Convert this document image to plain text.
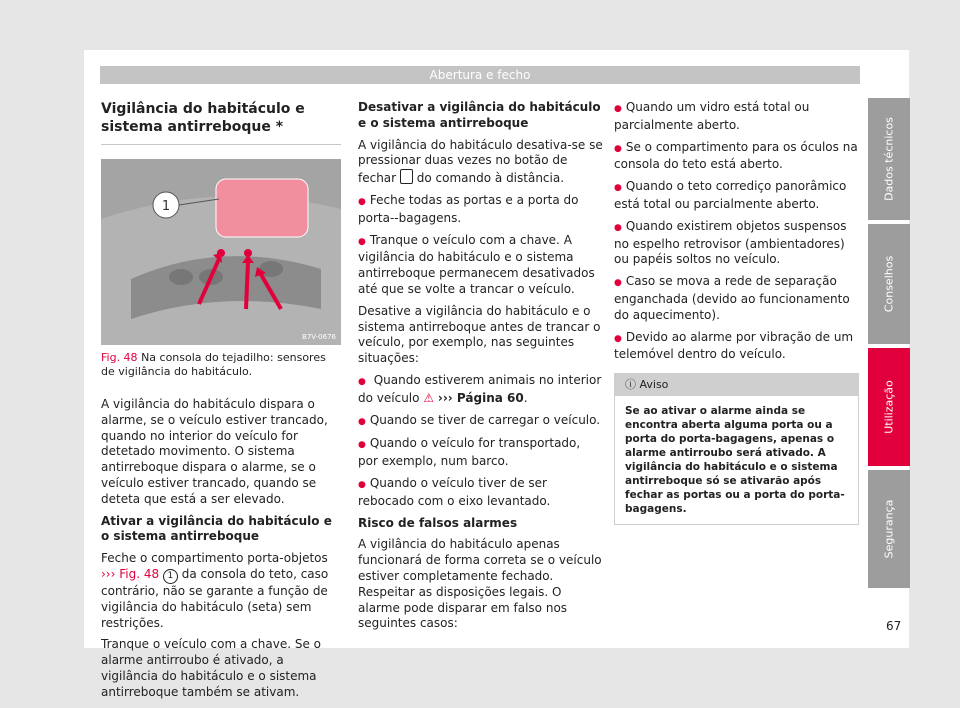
Abertura e fecho
Vigilância do habitáculo e sistema antirreboque *
1
B7V-0676
Fig. 48 Na consola do tejadilho: sensores de vigilância do habitáculo.

A vigilância do habitáculo dispara o alarme, se o veículo estiver trancado, quando no interior do veículo for detetado movimento. O sistema antirreboque dispara o alarme, se o veículo estiver trancado, quando se deteta que está a ser elevado.

Ativar a vigilância do habitáculo e o sistema antirreboque

Feche o compartimento porta-objetos ››› Fig. 48 1 da consola do teto, caso contrário, não se garante a função de vigilância do habitáculo (seta) sem restrições.

Tranque o veículo com a chave. Se o alarme antirroubo é ativado, a vigilância do habitáculo e o sistema antirreboque também se ativam.

Desativar a vigilância do habitáculo e o sistema antirreboque

A vigilância do habitáculo desativa-se se pressionar duas vezes no botão de fechar do comando à distância.

● Feche todas as portas e a porta do porta--bagagens.

● Tranque o veículo com a chave. A vigilância do habitáculo e o sistema antirreboque permanecem desativados até que se volte a trancar o veículo.

Desative a vigilância do habitáculo e o sistema antirreboque antes de trancar o veículo, por exemplo, nas seguintes situações:

● Quando estiverem animais no interior do veículo ⚠ ››› Página 60.

● Quando se tiver de carregar o veículo.

● Quando o veículo for transportado, por exemplo, num barco.

● Quando o veículo tiver de ser rebocado com o eixo levantado.

Risco de falsos alarmes

A vigilância do habitáculo apenas funcionará de forma correta se o veículo estiver completamente fechado. Respeitar as disposições legais. O alarme pode disparar em falso nos seguintes casos:

● Quando um vidro está total ou parcialmente aberto.

● Se o compartimento para os óculos na consola do teto está aberto.

● Quando o teto corrediço panorâmico está total ou parcialmente aberto.

● Quando existirem objetos suspensos no espelho retrovisor (ambientadores) ou papéis soltos no veículo.

● Caso se mova a rede de separação enganchada (devido ao funcionamento do aquecimento).

● Devido ao alarme por vibração de um telemóvel dentro do veículo.

ⓘ Aviso
Se ao ativar o alarme ainda se encontra aberta alguma porta ou a porta do porta-bagagens, apenas o alarme antirroubo será ativado. A vigilância do habitáculo e o sistema antirreboque só se ativarão após fechar as portas ou a porta do porta-bagagens.
Dados técnicos
Conselhos
Utilização
Segurança
67
